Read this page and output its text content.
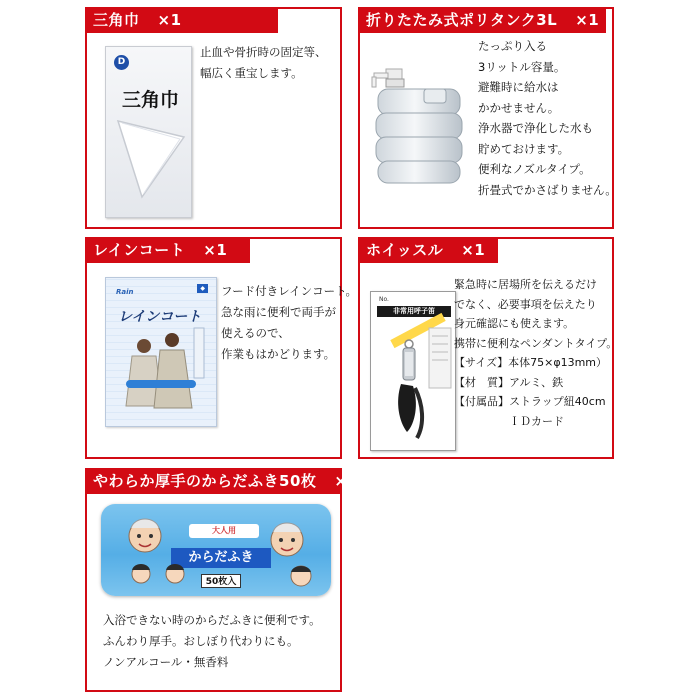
三角巾 ×1
D
三角巾
止血や骨折時の固定等、
幅広く重宝します。
折りたたみ式ポリタンク3L ×1
たっぷり入る
3リットル容量。
避難時に給水は
かかせません。
浄水器で浄化した水も
貯めておけます。
便利なノズルタイプ。
折畳式でかさばりません。
レインコート ×1
Rain	◆
レインコート
フード付きレインコート。
急な雨に便利で両手が
使えるので、
作業もはかどります。
ホイッスル ×1
No.
非常用呼子笛
緊急時に居場所を伝えるだけ
でなく、必要事項を伝えたり
身元確認にも使えます。
携帯に便利なペンダントタイプ。
【サイズ】本体75×φ13mm）
【材　質】アルミ、鉄
【付属品】ストラップ紐40cm
　　　　　ＩＤカード
やわらか厚手のからだふき50枚 ×1
大人用
からだふき
50枚入
入浴できない時のからだふきに便利です。
ふんわり厚手。おしぼり代わりにも。
ノンアルコール・無香料
